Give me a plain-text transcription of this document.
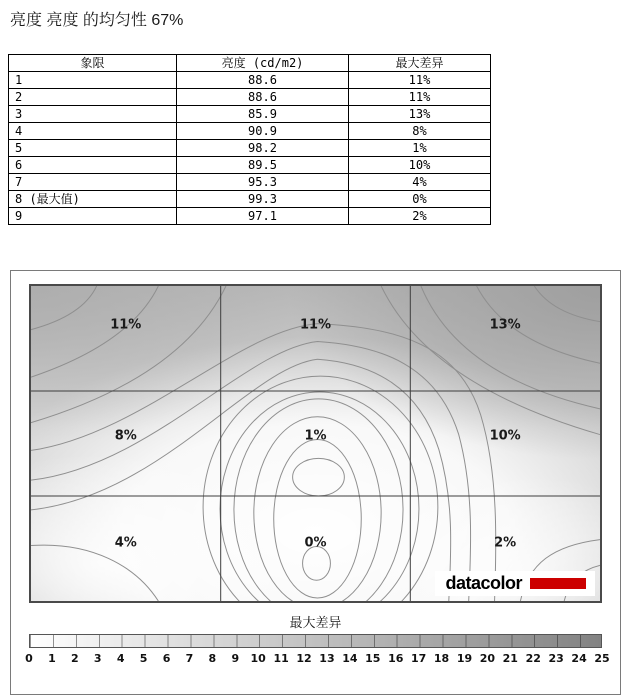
亮度 亮度 的均匀性 67%
象限	亮度 (cd/m2)	最大差异
1	88.6	11%
2	88.6	11%
3	85.9	13%
4	90.9	8%
5	98.2	1%
6	89.5	10%
7	95.3	4%
8 (最大值)	99.3	0%
9	97.1	2%
11%	11%	13%
8%	1%	10%
4%	0%	2%
datacolor
最大差异
0 1 2 3 4 5 6 7 8 9 10 11 12 13 14 15 16 17 18 19 20 21 22 23 24 25
